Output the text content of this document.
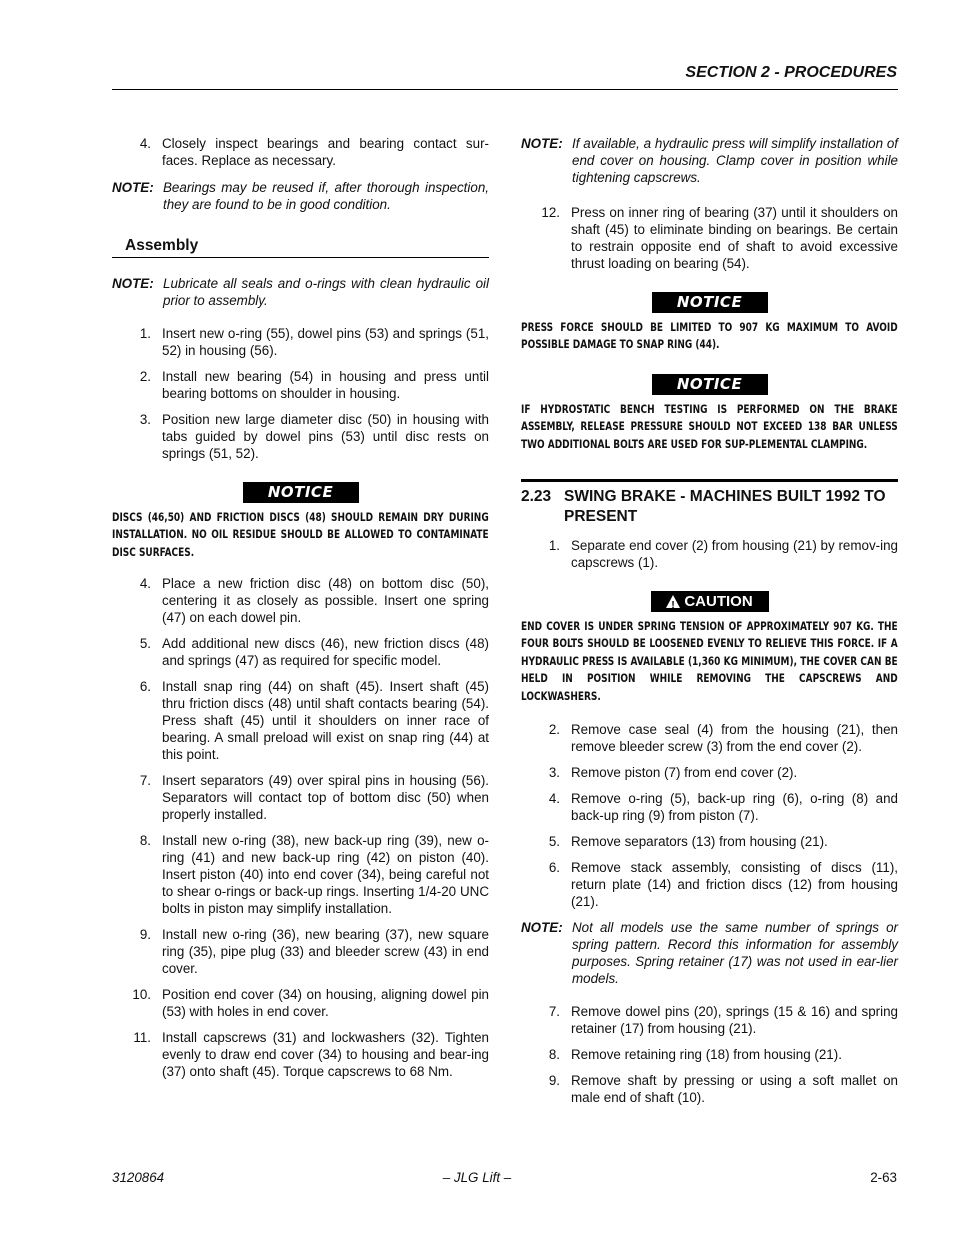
SECTION 2 - PROCEDURES
4. Closely inspect bearings and bearing contact sur-faces. Replace as necessary.
NOTE: Bearings may be reused if, after thorough inspection, they are found to be in good condition.
Assembly
NOTE: Lubricate all seals and o-rings with clean hydraulic oil prior to assembly.
1. Insert new o-ring (55), dowel pins (53) and springs (51, 52) in housing (56).
2. Install new bearing (54) in housing and press until bearing bottoms on shoulder in housing.
3. Position new large diameter disc (50) in housing with tabs guided by dowel pins (53) until disc rests on springs (51, 52).
NOTICE
DISCS (46,50) AND FRICTION DISCS (48) SHOULD REMAIN DRY DURING INSTALLATION. NO OIL RESIDUE SHOULD BE ALLOWED TO CONTAMINATE DISC SURFACES.
4. Place a new friction disc (48) on bottom disc (50), centering it as closely as possible. Insert one spring (47) on each dowel pin.
5. Add additional new discs (46), new friction discs (48) and springs (47) as required for specific model.
6. Install snap ring (44) on shaft (45). Insert shaft (45) thru friction discs (48) until shaft contacts bearing (54). Press shaft (45) until it shoulders on inner race of bearing. A small preload will exist on snap ring (44) at this point.
7. Insert separators (49) over spiral pins in housing (56). Separators will contact top of bottom disc (50) when properly installed.
8. Install new o-ring (38), new back-up ring (39), new o-ring (41) and new back-up ring (42) on piston (40). Insert piston (40) into end cover (34), being careful not to shear o-rings or back-up rings. Inserting 1/4-20 UNC bolts in piston may simplify installation.
9. Install new o-ring (36), new bearing (37), new square ring (35), pipe plug (33) and bleeder screw (43) in end cover.
10. Position end cover (34) on housing, aligning dowel pin (53) with holes in end cover.
11. Install capscrews (31) and lockwashers (32). Tighten evenly to draw end cover (34) to housing and bear-ing (37) onto shaft (45). Torque capscrews to 68 Nm.
NOTE: If available, a hydraulic press will simplify installation of end cover on housing. Clamp cover in position while tightening capscrews.
12. Press on inner ring of bearing (37) until it shoulders on shaft (45) to eliminate binding on bearings. Be certain to restrain opposite end of shaft to avoid excessive thrust loading on bearing (54).
NOTICE
PRESS FORCE SHOULD BE LIMITED TO 907 KG MAXIMUM TO AVOID POSSIBLE DAMAGE TO SNAP RING (44).
NOTICE
IF HYDROSTATIC BENCH TESTING IS PERFORMED ON THE BRAKE ASSEMBLY, RELEASE PRESSURE SHOULD NOT EXCEED 138 BAR UNLESS TWO ADDITIONAL BOLTS ARE USED FOR SUP-PLEMENTAL CLAMPING.
2.23 SWING BRAKE - MACHINES BUILT 1992 TO PRESENT
1. Separate end cover (2) from housing (21) by remov-ing capscrews (1).
! CAUTION
END COVER IS UNDER SPRING TENSION OF APPROXIMATELY 907 KG. THE FOUR BOLTS SHOULD BE LOOSENED EVENLY TO RELIEVE THIS FORCE. IF A HYDRAULIC PRESS IS AVAILABLE (1,360 KG MINIMUM), THE COVER CAN BE HELD IN POSITION WHILE REMOVING THE CAPSCREWS AND LOCKWASHERS.
2. Remove case seal (4) from the housing (21), then remove bleeder screw (3) from the end cover (2).
3. Remove piston (7) from end cover (2).
4. Remove o-ring (5), back-up ring (6), o-ring (8) and back-up ring (9) from piston (7).
5. Remove separators (13) from housing (21).
6. Remove stack assembly, consisting of discs (11), return plate (14) and friction discs (12) from housing (21).
NOTE: Not all models use the same number of springs or spring pattern. Record this information for assembly purposes. Spring retainer (17) was not used in ear-lier models.
7. Remove dowel pins (20), springs (15 & 16) and spring retainer (17) from housing (21).
8. Remove retaining ring (18) from housing (21).
9. Remove shaft by pressing or using a soft mallet on male end of shaft (10).
3120864	– JLG Lift –	2-63
